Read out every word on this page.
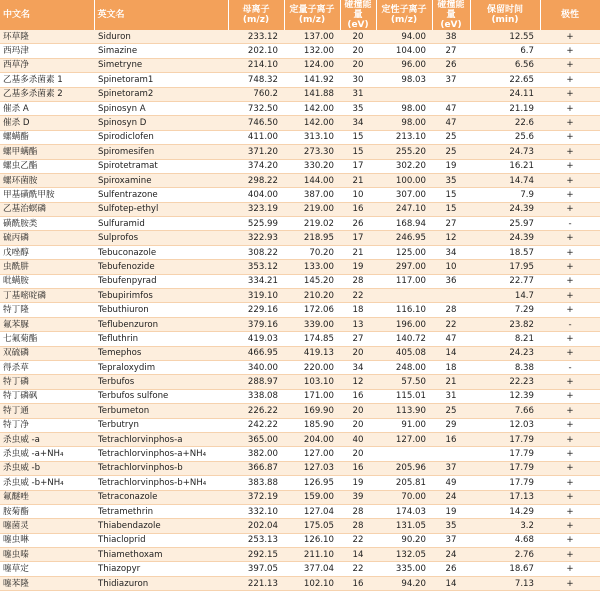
中文名	英文名	母离子 (m/z)	定量子离子 (m/z)	碰撞能量 (eV)	定性子离子 (m/z)	碰撞能量 (eV)	保留时间 (min)	极性
环草隆	Siduron	233.12	137.00	20	94.00	38	12.55	+
西玛津	Simazine	202.10	132.00	20	104.00	27	6.7	+
西草净	Simetryne	214.10	124.00	20	96.00	26	6.56	+
乙基多杀菌素 1	Spinetoram1	748.32	141.92	30	98.03	37	22.65	+
乙基多杀菌素 2	Spinetoram2	760.2	141.88	31			24.11	+
催杀 A	Spinosyn A	732.50	142.00	35	98.00	47	21.19	+
催杀 D	Spinosyn D	746.50	142.00	34	98.00	47	22.6	+
螺螨酯	Spirodiclofen	411.00	313.10	15	213.10	25	25.6	+
螺甲螨酯	Spiromesifen	371.20	273.30	15	255.20	25	24.73	+
螺虫乙酯	Spirotetramat	374.20	330.20	17	302.20	19	16.21	+
螺环菌胺	Spiroxamine	298.22	144.00	21	100.00	35	14.74	+
甲基磺酰甲胺	Sulfentrazone	404.00	387.00	10	307.00	15	7.9	+
乙基治螟磷	Sulfotep-ethyl	323.19	219.00	16	247.10	15	24.39	+
磺酰胺类	Sulfuramid	525.99	219.02	26	168.94	27	25.97	-
硫丙磷	Sulprofos	322.93	218.95	17	246.95	12	24.39	+
戊唑醇	Tebuconazole	308.22	70.20	21	125.00	34	18.57	+
虫酰肼	Tebufenozide	353.12	133.00	19	297.00	10	17.95	+
吡螨胺	Tebufenpyrad	334.21	145.20	28	117.00	36	22.77	+
丁基嘧啶磷	Tebupirimfos	319.10	210.20	22			14.7	+
特丁隆	Tebuthiuron	229.16	172.06	18	116.10	28	7.29	+
氟苯脲	Teflubenzuron	379.16	339.00	13	196.00	22	23.82	-
七氟菊酯	Tefluthrin	419.03	174.85	27	140.72	47	8.21	+
双硫磷	Temephos	466.95	419.13	20	405.08	14	24.23	+
得杀草	Tepraloxydim	340.00	220.00	34	248.00	18	8.38	-
特丁磷	Terbufos	288.97	103.10	12	57.50	21	22.23	+
特丁磷砜	Terbufos sulfone	338.08	171.00	16	115.01	31	12.39	+
特丁通	Terbumeton	226.22	169.90	20	113.90	25	7.66	+
特丁净	Terbutryn	242.22	185.90	20	91.00	29	12.03	+
杀虫威 -a	Tetrachlorvinphos-a	365.00	204.00	40	127.00	16	17.79	+
杀虫威 -a+NH₄	Tetrachlorvinphos-a+NH₄	382.00	127.00	20			17.79	+
杀虫威 -b	Tetrachlorvinphos-b	366.87	127.03	16	205.96	37	17.79	+
杀虫威 -b+NH₄	Tetrachlorvinphos-b+NH₄	383.88	126.95	19	205.81	49	17.79	+
氟醚唑	Tetraconazole	372.19	159.00	39	70.00	24	17.13	+
胺菊酯	Tetramethrin	332.10	127.04	28	174.03	19	14.29	+
噻菌灵	Thiabendazole	202.04	175.05	28	131.05	35	3.2	+
噻虫啉	Thiacloprid	253.13	126.10	22	90.20	37	4.68	+
噻虫嗪	Thiamethoxam	292.15	211.10	14	132.05	24	2.76	+
噻草定	Thiazopyr	397.05	377.04	22	335.00	26	18.67	+
噻苯隆	Thidiazuron	221.13	102.10	16	94.20	14	7.13	+
